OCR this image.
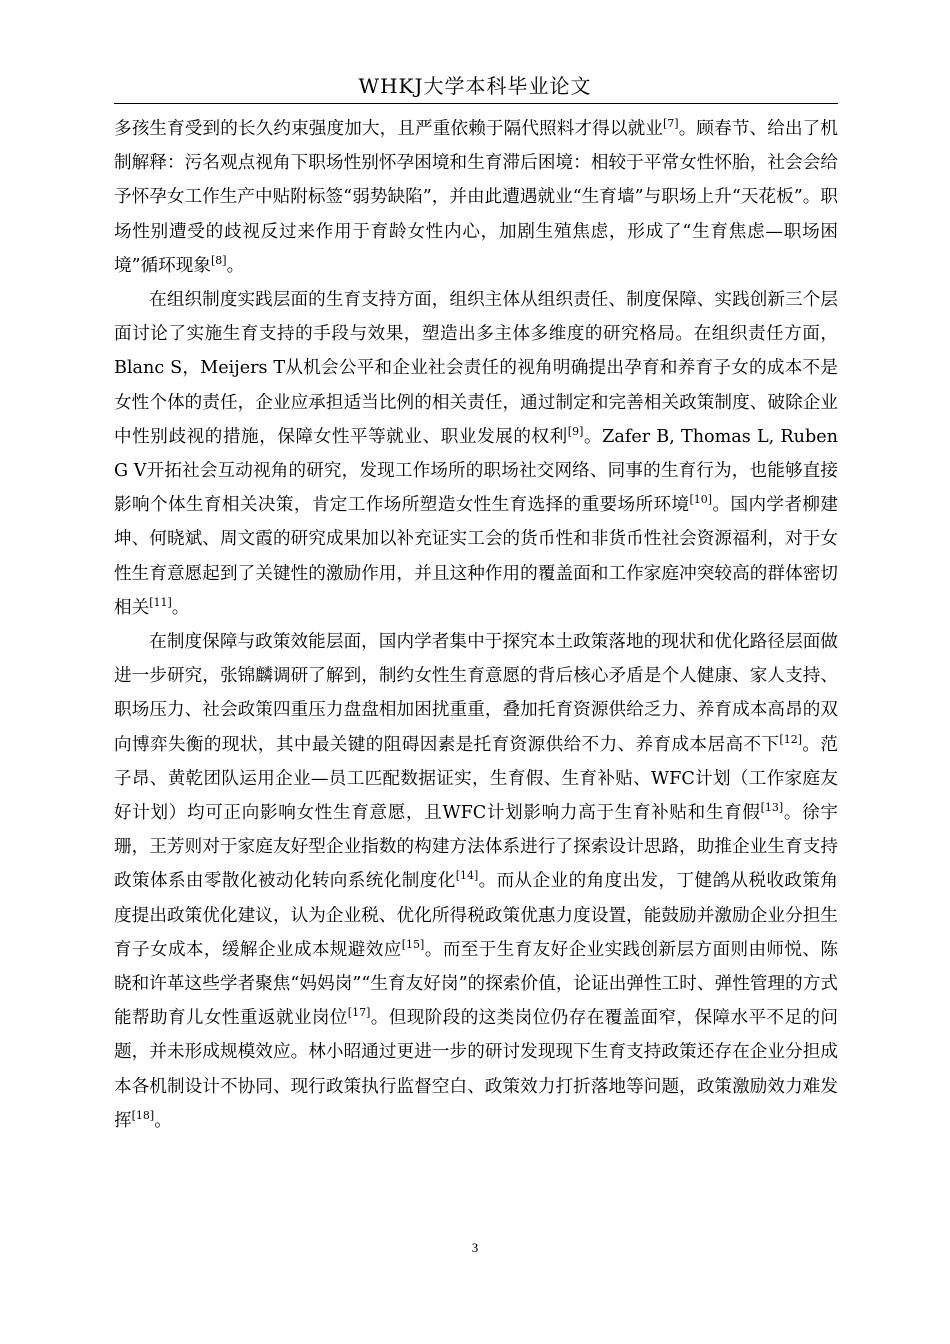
WHKJ大学本科毕业论文

多孩生育受到的长久约束强度加大，且严重依赖于隔代照料才得以就业[7]。顾春节、给出了机制解释：污名观点视角下职场性别怀孕困境和生育滞后困境：相较于平常女性怀胎，社会会给予怀孕女工作生产中贴附标签“弱势缺陷”，并由此遭遇就业“生育墙”与职场上升“天花板”。职场性别遭受的歧视反过来作用于育龄女性内心，加剧生殖焦虑，形成了“生育焦虑—职场困境”循环现象[8]。

在组织制度实践层面的生育支持方面，组织主体从组织责任、制度保障、实践创新三个层面讨论了实施生育支持的手段与效果，塑造出多主体多维度的研究格局。在组织责任方面，Blanc S，Meijers T从机会公平和企业社会责任的视角明确提出孕育和养育子女的成本不是女性个体的责任，企业应承担适当比例的相关责任，通过制定和完善相关政策制度、破除企业中性别歧视的措施，保障女性平等就业、职业发展的权利[9]。Zafer B, Thomas L, Ruben G V开拓社会互动视角的研究，发现工作场所的职场社交网络、同事的生育行为，也能够直接影响个体生育相关决策，肯定工作场所塑造女性生育选择的重要场所环境[10]。国内学者柳建坤、何晓斌、周文霞的研究成果加以补充证实工会的货币性和非货币性社会资源福利，对于女性生育意愿起到了关键性的激励作用，并且这种作用的覆盖面和工作家庭冲突较高的群体密切相关[11]。

在制度保障与政策效能层面，国内学者集中于探究本土政策落地的现状和优化路径层面做进一步研究，张锦麟调研了解到，制约女性生育意愿的背后核心矛盾是个人健康、家人支持、职场压力、社会政策四重压力盘盘相加困扰重重，叠加托育资源供给乏力、养育成本高昂的双向博弈失衡的现状，其中最关键的阻碍因素是托育资源供给不力、养育成本居高不下[12]。范子昂、黄乾团队运用企业—员工匹配数据证实，生育假、生育补贴、WFC计划（工作家庭友好计划）均可正向影响女性生育意愿，且WFC计划影响力高于生育补贴和生育假[13]。徐宇珊，王芳则对于家庭友好型企业指数的构建方法体系进行了探索设计思路，助推企业生育支持政策体系由零散化被动化转向系统化制度化[14]。而从企业的角度出发，丁健鸽从税收政策角度提出政策优化建议，认为企业税、优化所得税政策优惠力度设置，能鼓励并激励企业分担生育子女成本，缓解企业成本规避效应[15]。而至于生育友好企业实践创新层方面则由师悦、陈晓和许革这些学者聚焦“妈妈岗”“生育友好岗”的探索价值，论证出弹性工时、弹性管理的方式能帮助育儿女性重返就业岗位[17]。但现阶段的这类岗位仍存在覆盖面窄，保障水平不足的问题，并未形成规模效应。林小昭通过更进一步的研讨发现现下生育支持政策还存在企业分担成本各机制设计不协同、现行政策执行监督空白、政策效力打折落地等问题，政策激励效力难发挥[18]。

3
